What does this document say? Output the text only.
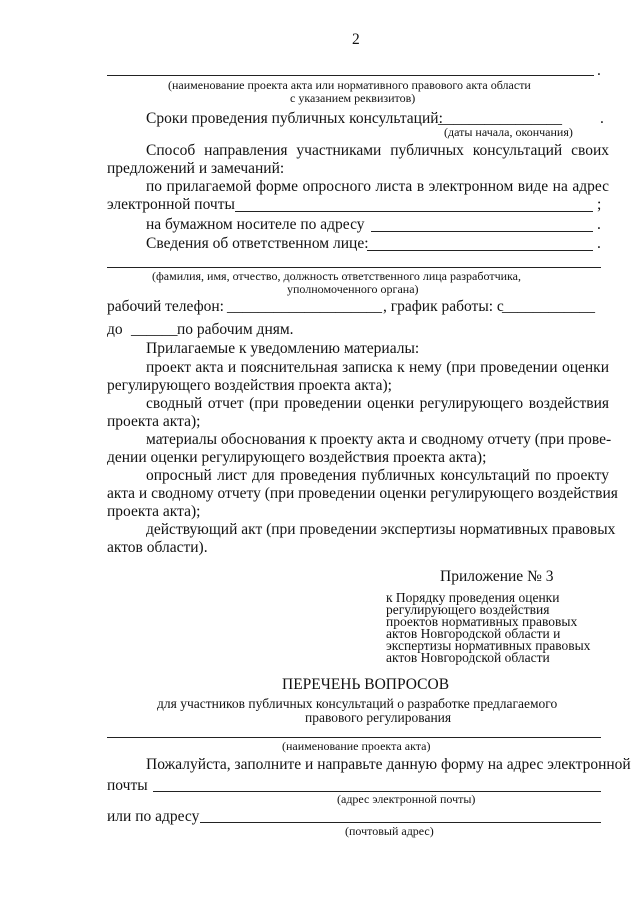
2
.
(наименование проекта акта или нормативного правового акта области
с указанием реквизитов)
Сроки проведения публичных консультаций:
________________ .
(даты начала, окончания)
Способ направления участниками публичных консультаций своих
предложений и замечаний:
по прилагаемой форме опросного листа в электронном виде на адрес
электронной почты	;
на бумажном носителе по адресу	.
Сведения об ответственном лице:	.
(фамилия, имя, отчество, должность ответственного лица разработчика,
уполномоченного органа)
рабочий телефон: ____________________ , график работы: с
____________
до ______ по рабочим дням.
Прилагаемые к уведомлению материалы:
проект акта и пояснительная записка к нему (при проведении оценки
регулирующего воздействия проекта акта);
сводный отчет (при проведении оценки регулирующего воздействия
проекта акта);
материалы обоснования к проекту акта и сводному отчету (при прове-
дении оценки регулирующего воздействия проекта акта);
опросный лист для проведения публичных консультаций по проекту
акта и сводному отчету (при проведении оценки регулирующего воздействия
проекта акта);
действующий акт (при проведении экспертизы нормативных правовых
актов области).
Приложение № 3
к Порядку проведения оценки
регулирующего воздействия
проектов нормативных правовых
актов Новгородской области и
экспертизы нормативных правовых
актов Новгородской области
ПЕРЕЧЕНЬ ВОПРОСОВ
для участников публичных консультаций о разработке предлагаемого
правового регулирования
(наименование проекта акта)
Пожалуйста, заполните и направьте данную форму на адрес электронной
почты
(адрес электронной почты)
или по адресу
(почтовый адрес)
